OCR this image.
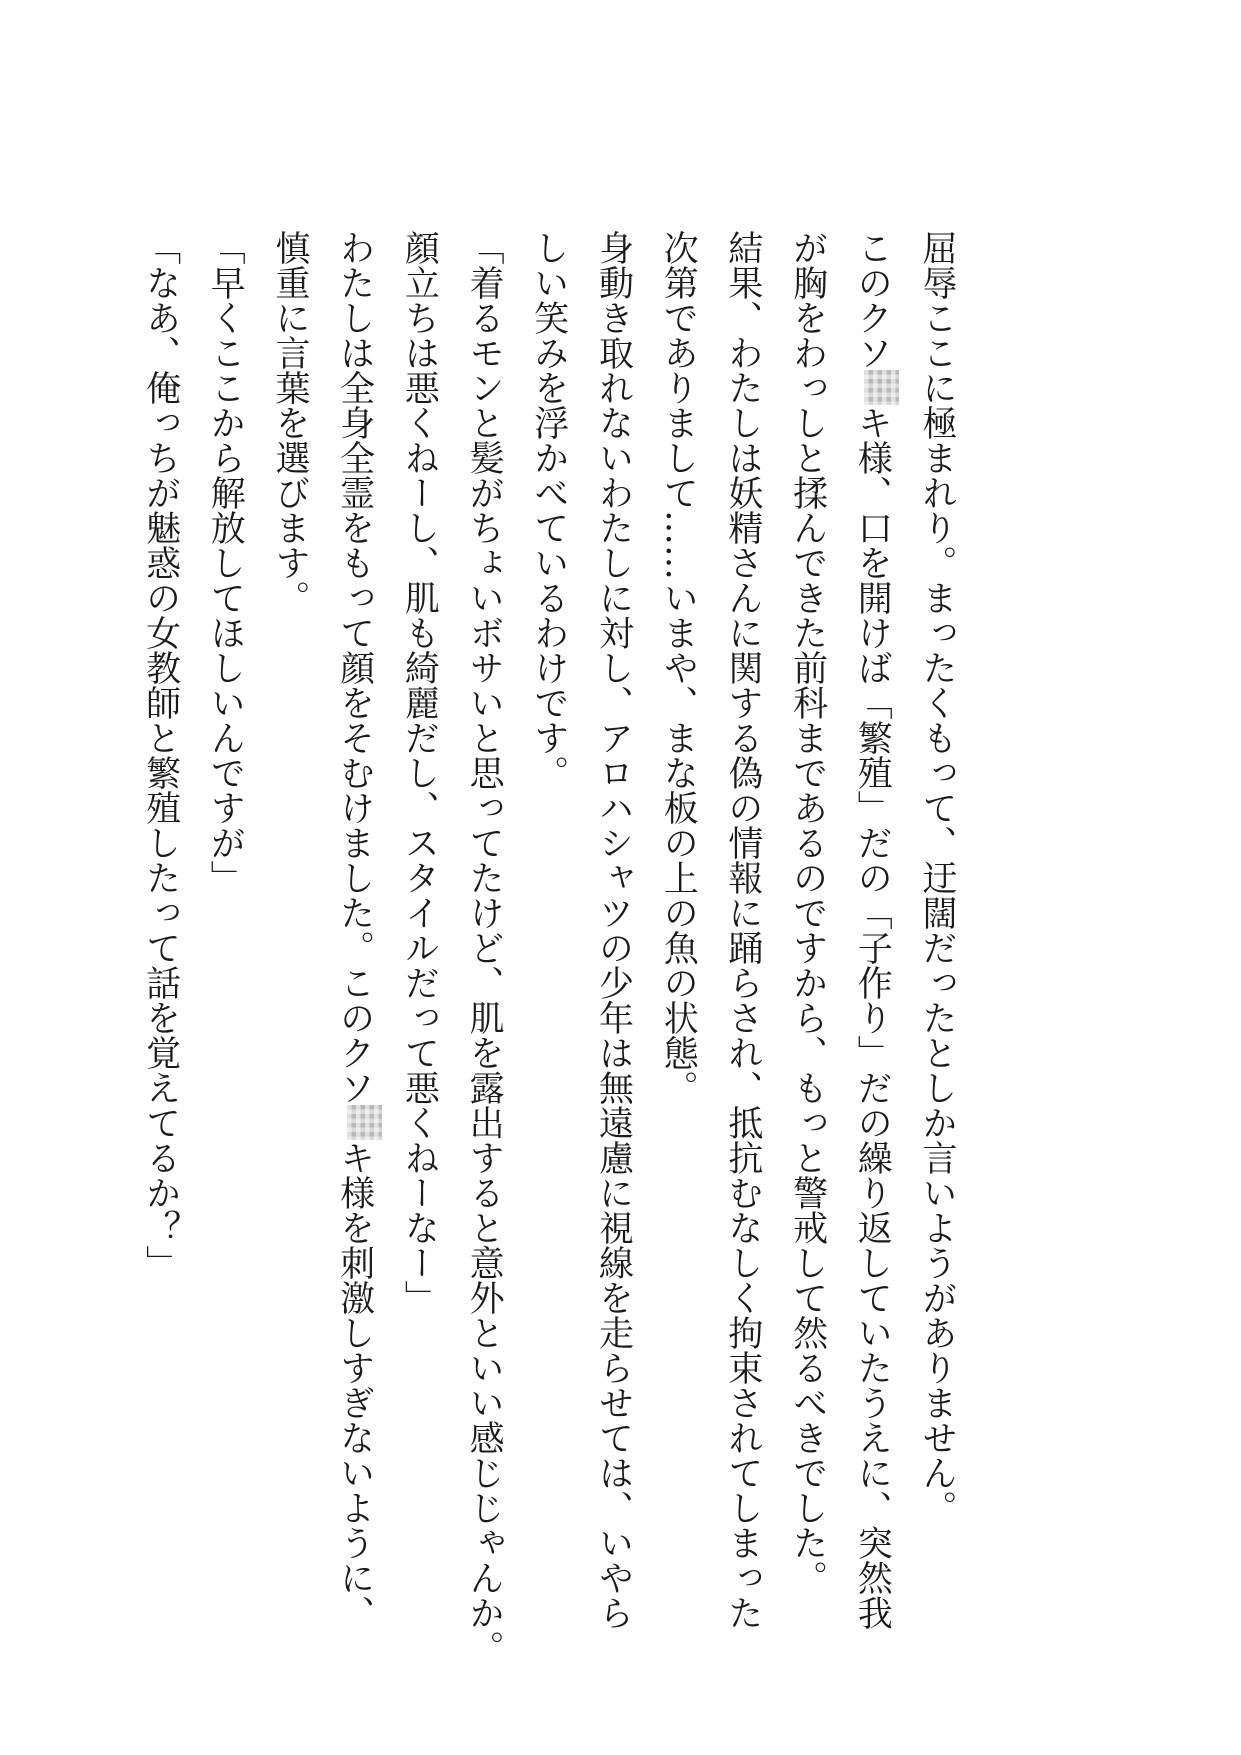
屈辱ここに極まれり。まったくもって、迂闊だったとしか言いようがありません。
このクソキ様、口を開けば「繁殖」だの「子作り」だの繰り返していたうえに、突然我
が胸をわっしと揉んできた前科まであるのですから、もっと警戒して然るべきでした。
結果、わたしは妖精さんに関する偽の情報に踊らされ、抵抗むなしく拘束されてしまった
次第でありまして……いまや、まな板の上の魚の状態。
身動き取れないわたしに対し、アロハシャツの少年は無遠慮に視線を走らせては、いやら
しい笑みを浮かべているわけです。
「着るモンと髪がちょいボサいと思ってたけど、肌を露出すると意外といい感じじゃんか。
顔立ちは悪くねーし、肌も綺麗だし、スタイルだって悪くねーなー」
わたしは全身全霊をもって顔をそむけました。このクソキ様を刺激しすぎないように、
慎重に言葉を選びます。
「早くここから解放してほしいんですが」
「なあ、俺っちが魅惑の女教師と繁殖したって話を覚えてるか？」
